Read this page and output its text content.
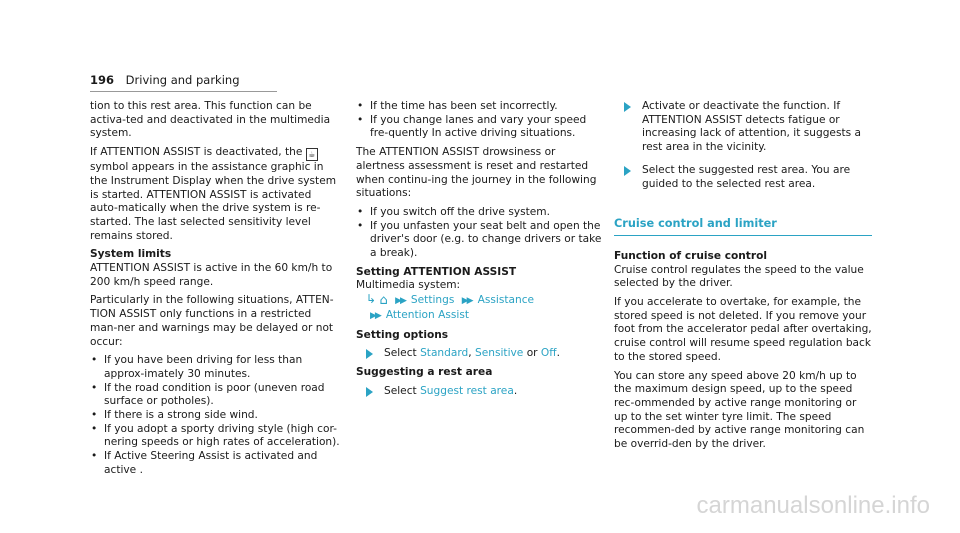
196 Driving and parking

tion to this rest area. This function can be activa-ted and deactivated in the multimedia system.

If ATTENTION ASSIST is deactivated, the ☕ symbol appears in the assistance graphic in the Instrument Display when the drive system is started. ATTENTION ASSIST is activated auto-matically when the drive system is re-started. The last selected sensitivity level remains stored.

System limits

ATTENTION ASSIST is active in the 60 km/h to 200 km/h speed range.

Particularly in the following situations, ATTEN-TION ASSIST only functions in a restricted man-ner and warnings may be delayed or not occur:

• If you have been driving for less than approx-imately 30 minutes.
• If the road condition is poor (uneven road surface or potholes).
• If there is a strong side wind.
• If you adopt a sporty driving style (high cor-nering speeds or high rates of acceleration).
• If Active Steering Assist is activated and active .
• If the time has been set incorrectly.
• If you change lanes and vary your speed fre-quently In active driving situations.

The ATTENTION ASSIST drowsiness or alertness assessment is reset and restarted when continu-ing the journey in the following situations:

• If you switch off the drive system.
• If you unfasten your seat belt and open the driver's door (e.g. to change drivers or take a break).

Setting ATTENTION ASSIST

Multimedia system:

↳ ⌂ ▶▶ Settings ▶▶ Assistance

▶▶ Attention Assist

Setting options

Select Standard, Sensitive or Off.

Suggesting a rest area

Select Suggest rest area.

Activate or deactivate the function. If ATTENTION ASSIST detects fatigue or increasing lack of attention, it suggests a rest area in the vicinity.

Select the suggested rest area. You are guided to the selected rest area.

Cruise control and limiter

Function of cruise control

Cruise control regulates the speed to the value selected by the driver.

If you accelerate to overtake, for example, the stored speed is not deleted. If you remove your foot from the accelerator pedal after overtaking, cruise control will resume speed regulation back to the stored speed.

You can store any speed above 20 km/h up to the maximum design speed, up to the speed rec-ommended by active range monitoring or up to the set winter tyre limit. The speed recommen-ded by active range monitoring can be overrid-den by the driver.

carmanualsonline.info
